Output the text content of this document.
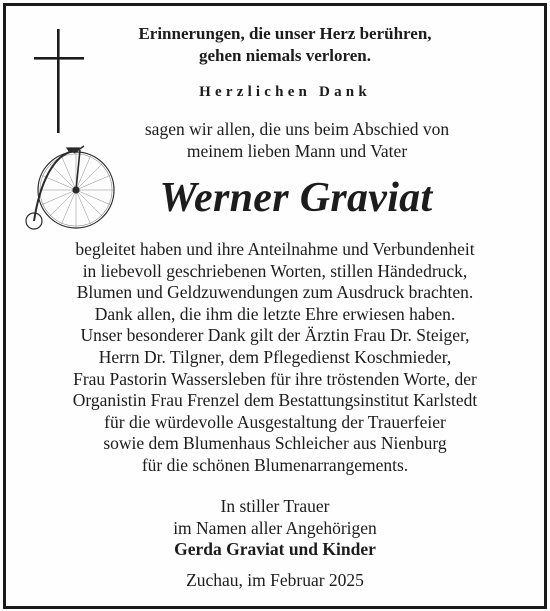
Erinnerungen, die unser Herz berühren,
gehen niemals verloren.
Herzlichen Dank
sagen wir allen, die uns beim Abschied von
meinem lieben Mann und Vater
Werner Graviat
begleitet haben und ihre Anteilnahme und Verbundenheit
in liebevoll geschriebenen Worten, stillen Händedruck,
Blumen und Geldzuwendungen zum Ausdruck brachten.
Dank allen, die ihm die letzte Ehre erwiesen haben.
Unser besonderer Dank gilt der Ärztin Frau Dr. Steiger,
Herrn Dr. Tilgner, dem Pflegedienst Koschmieder,
Frau Pastorin Wassersleben für ihre tröstenden Worte, der
Organistin Frau Frenzel dem Bestattungsinstitut Karlstedt
für die würdevolle Ausgestaltung der Trauerfeier
sowie dem Blumenhaus Schleicher aus Nienburg
für die schönen Blumenarrangements.
In stiller Trauer
im Namen aller Angehörigen
Gerda Graviat und Kinder
Zuchau, im Februar 2025
